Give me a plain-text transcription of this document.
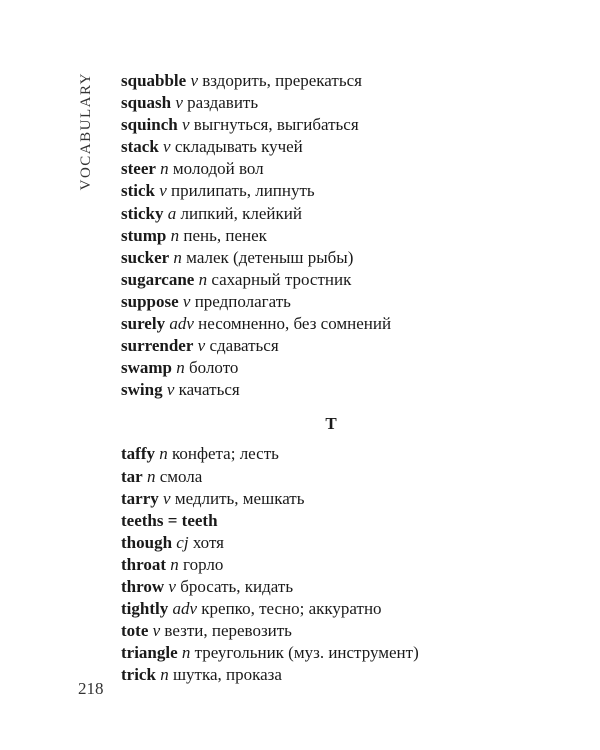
VOCABULARY squabble v вздорить, пререкаться
squash v раздавить
squinch v выгнуться, выгибаться
stack v складывать кучей
steer n молодой вол
stick v прилипать, липнуть
sticky a липкий, клейкий
stump n пень, пенек
sucker n малек (детеныш рыбы)
sugarcane n сахарный тростник
suppose v предполагать
surely adv несомненно, без сомнений
surrender v сдаваться
swamp n болото
swing v качаться
T
taffy n конфета; лесть
tar n смола
tarry v медлить, мешкать
teeths = teeth
though cj хотя
throat n горло
throw v бросать, кидать
tightly adv крепко, тесно; аккуратно
tote v везти, перевозить
triangle n треугольник (муз. инструмент)
trick n шутка, проказа
218
